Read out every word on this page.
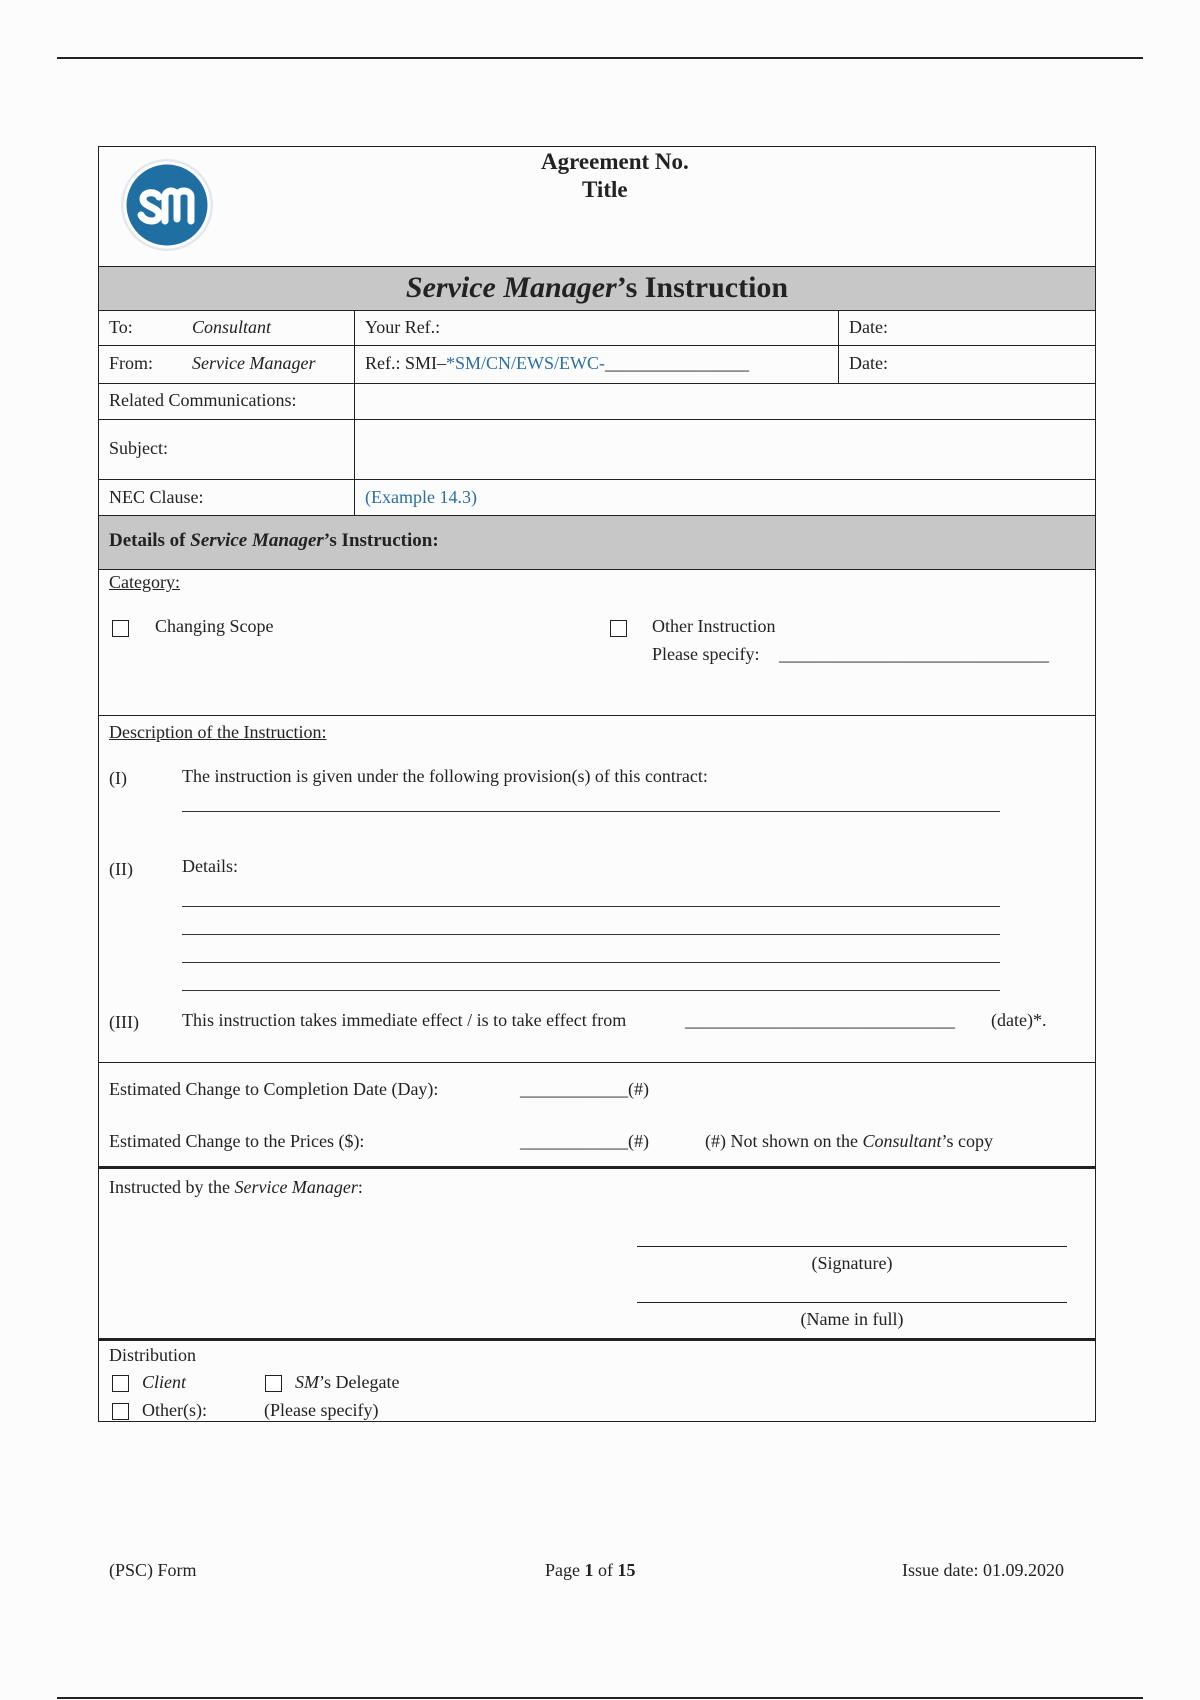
Agreement No.
Title
Service Manager’s Instruction
To:	Consultant	Your Ref.:	Date:
From: Service Manager	Ref.: SMI–*SM/CN/EWS/EWC-________________	Date:
Related Communications:
Subject:
NEC Clause:	(Example 14.3)
Details of Service Manager’s Instruction:
Category:
Changing Scope	Other Instruction
Please specify: ______________________________
Description of the Instruction:
(I)	The instruction is given under the following provision(s) of this contract:
(II)	Details:
(III) This instruction takes immediate effect / is to take effect from	______________________________ (date)*.
Estimated Change to Completion Date (Day):	____________(#)
Estimated Change to the Prices ($):	____________(#)	(#) Not shown on the Consultant’s copy
Instructed by the Service Manager:
(Signature)
(Name in full)
Distribution
Client	SM’s Delegate
Other(s):	(Please specify)
(PSC) Form	Page 1 of 15	Issue date: 01.09.2020
